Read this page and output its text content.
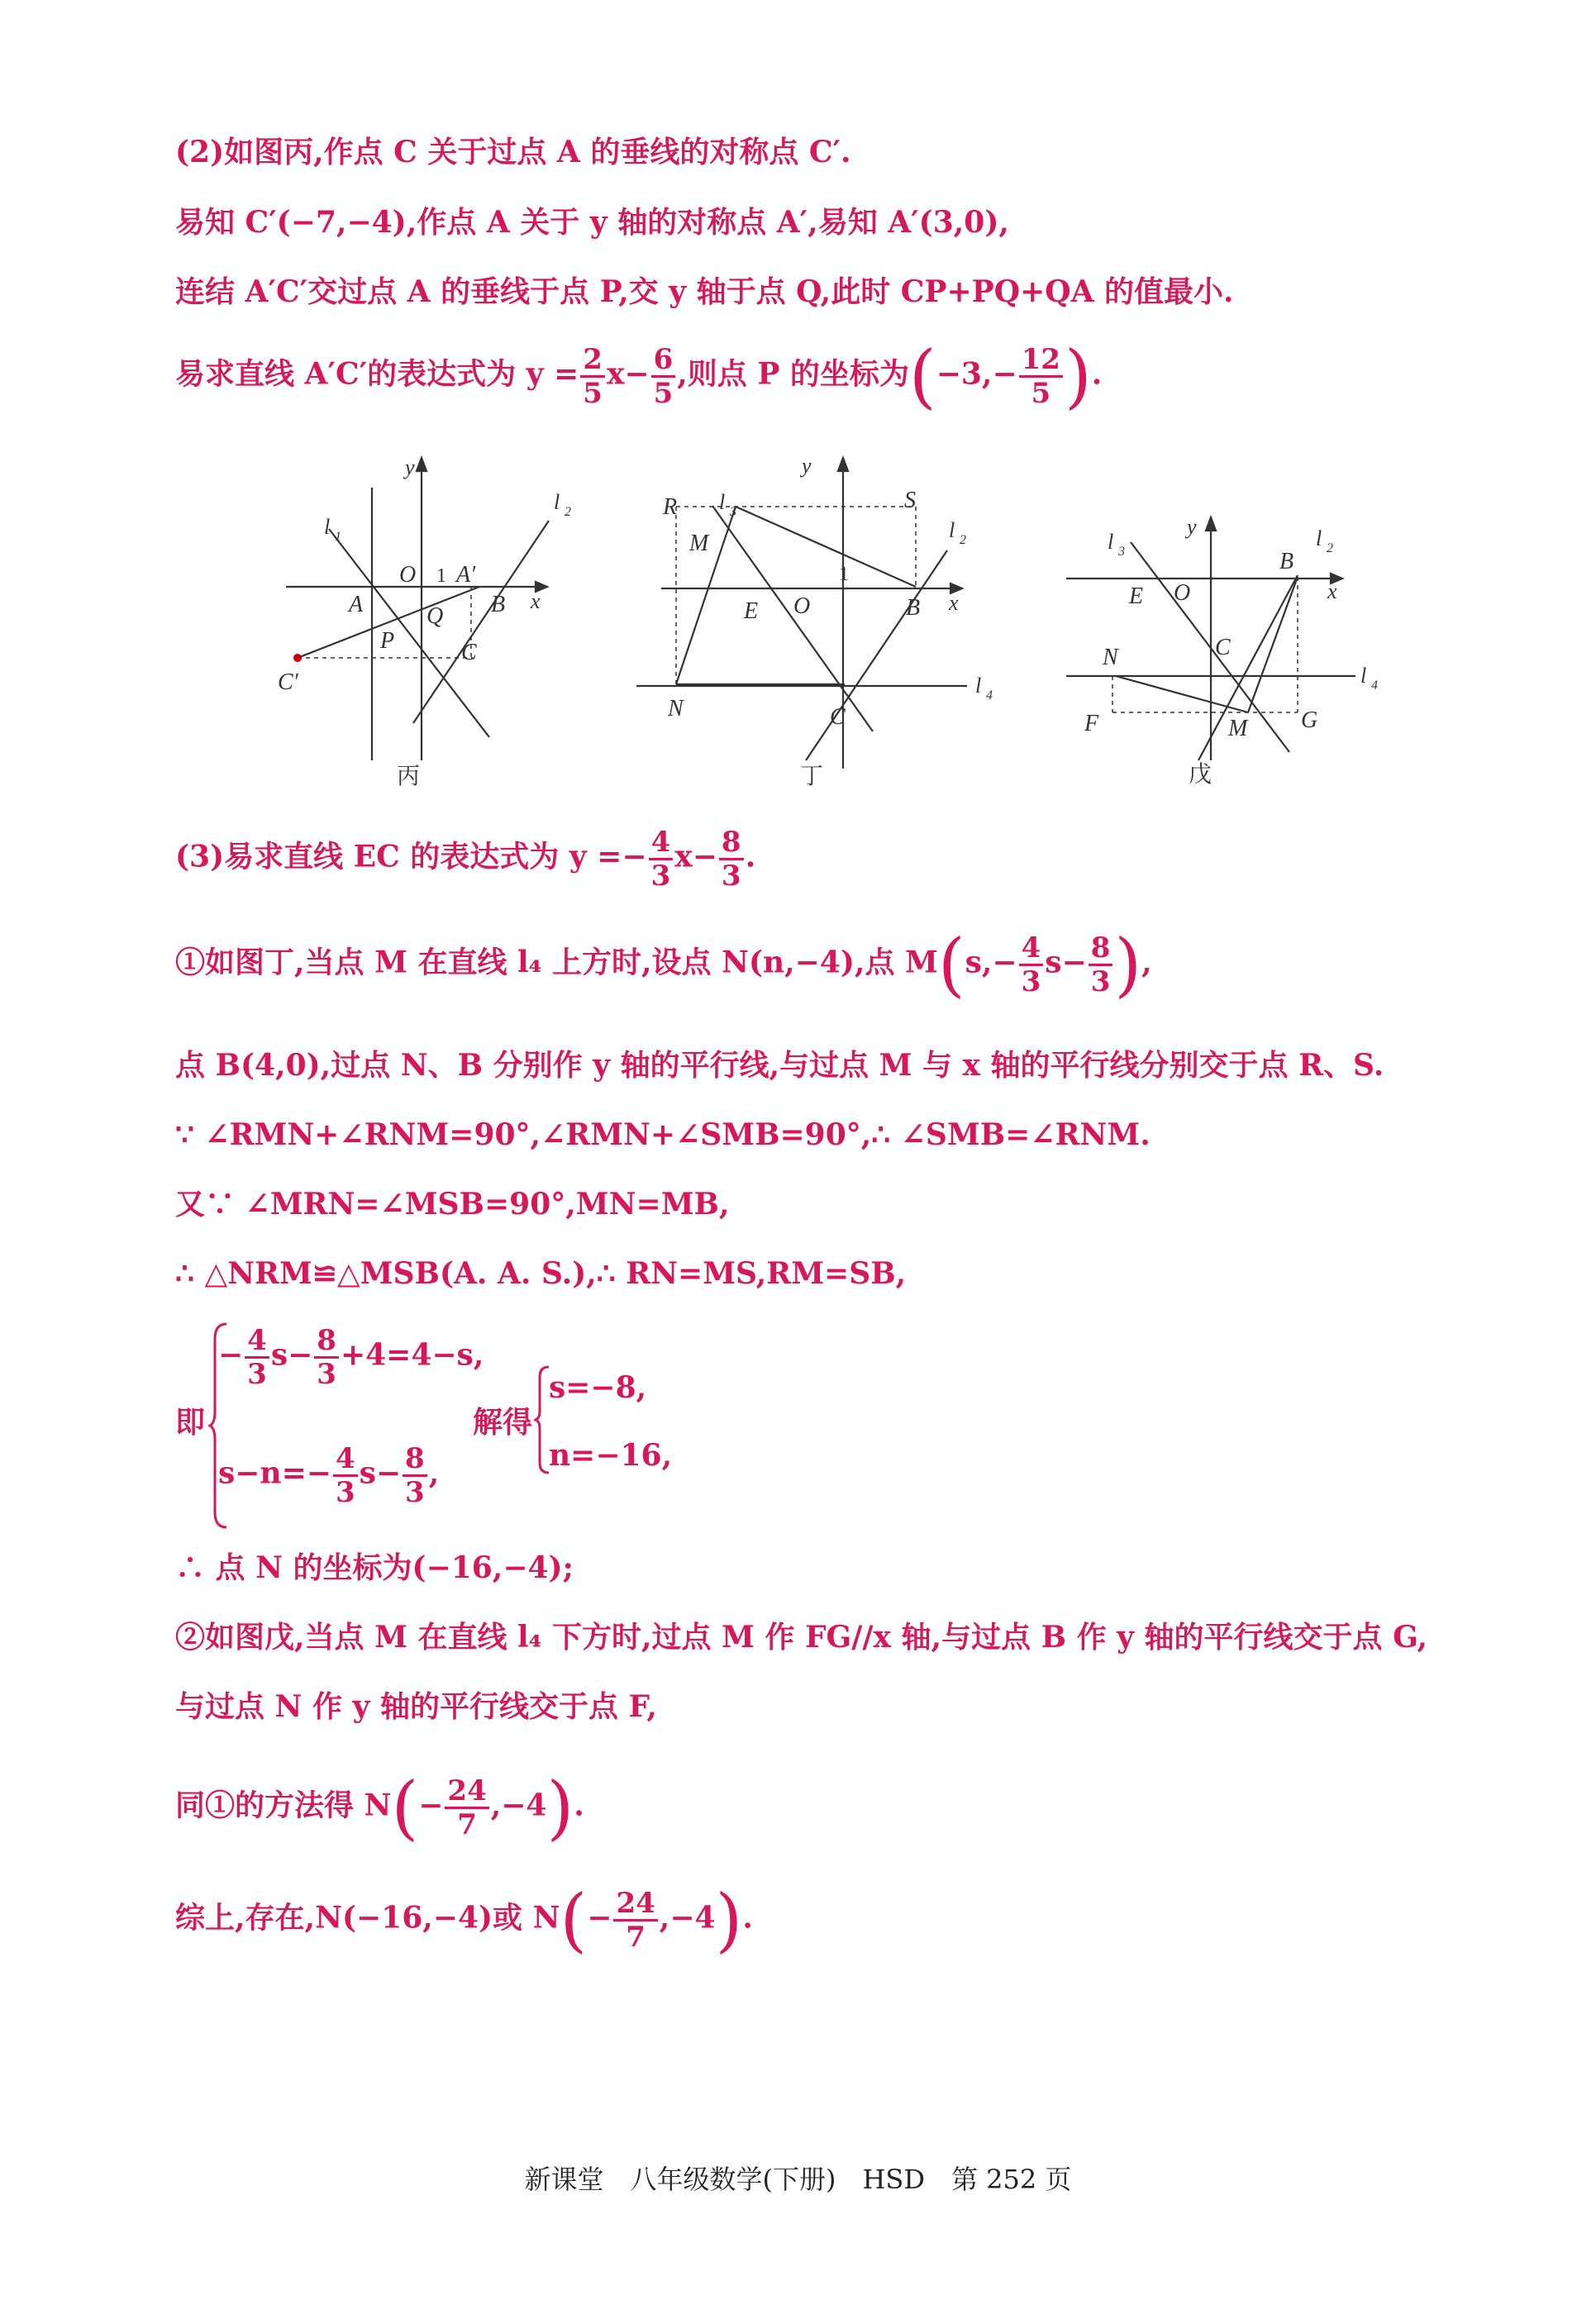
(2)如图丙,作点 C 关于过点 A 的垂线的对称点 C′.
易知 C′(−7,−4),作点 A 关于 y 轴的对称点 A′,易知 A′(3,0),
连结 A′C′交过点 A 的垂线于点 P,交 y 轴于点 Q,此时 CP+PQ+QA 的值最小.
易求直线 A′C′的表达式为 $y = \frac{2}{5} x- \frac{6}{5}$ ,则点 P 的坐标为($-3,- \frac{12}{5}$ ).
y
x
l 1
l 2
O 1 A′
A	B
Q
P	C
C′
丙
y
x
R	S
l 3
l 2
M
1
E O	B
N	C
l 4
丁
y
x
l 3
l 2
B
E O
N	C
l 4
F	M G
戊
(3)易求直线 EC 的表达式为 $y =- \frac{4}{3} x- \frac{8}{3}$ .
①如图丁,当点 M 在直线 l₄ 上方时,设点 N(n,−4),点 $M(s,- \frac{4}{3} s- \frac{8}{3}$ ),
点 B(4,0),过点 N、B 分别作 y 轴的平行线,与过点 M 与 x 轴的平行线分别交于点 R、S.
∵ ∠RMN+∠RNM=90°,∠RMN+∠SMB=90°,∴ ∠SMB=∠RNM.
又∵ ∠MRN=∠MSB=90°,MN=MB,
∴ △NRM≌△MSB(A. A. S.),∴ RN=MS,RM=SB,
即
− $\frac{4}{3} s- \frac{8}{3} +4=4-s$,
$s-n=- \frac{4}{3} s- \frac{8}{3}$ ,
解得
s=−8,
n=−16,
∴ 点 N 的坐标为(−16,−4);
②如图戊,当点 M 在直线 l₄ 下方时,过点 M 作 FG//x 轴,与过点 B 作 y 轴的平行线交于点 G,
与过点 N 作 y 轴的平行线交于点 F,
同①的方法得 $N(- \frac{24}{7} ,-4)$.
综上,存在,N(−16,−4)或 $N(- \frac{24}{7} ,-4)$.
新课堂　八年级数学(下册)　HSD　第 252 页
